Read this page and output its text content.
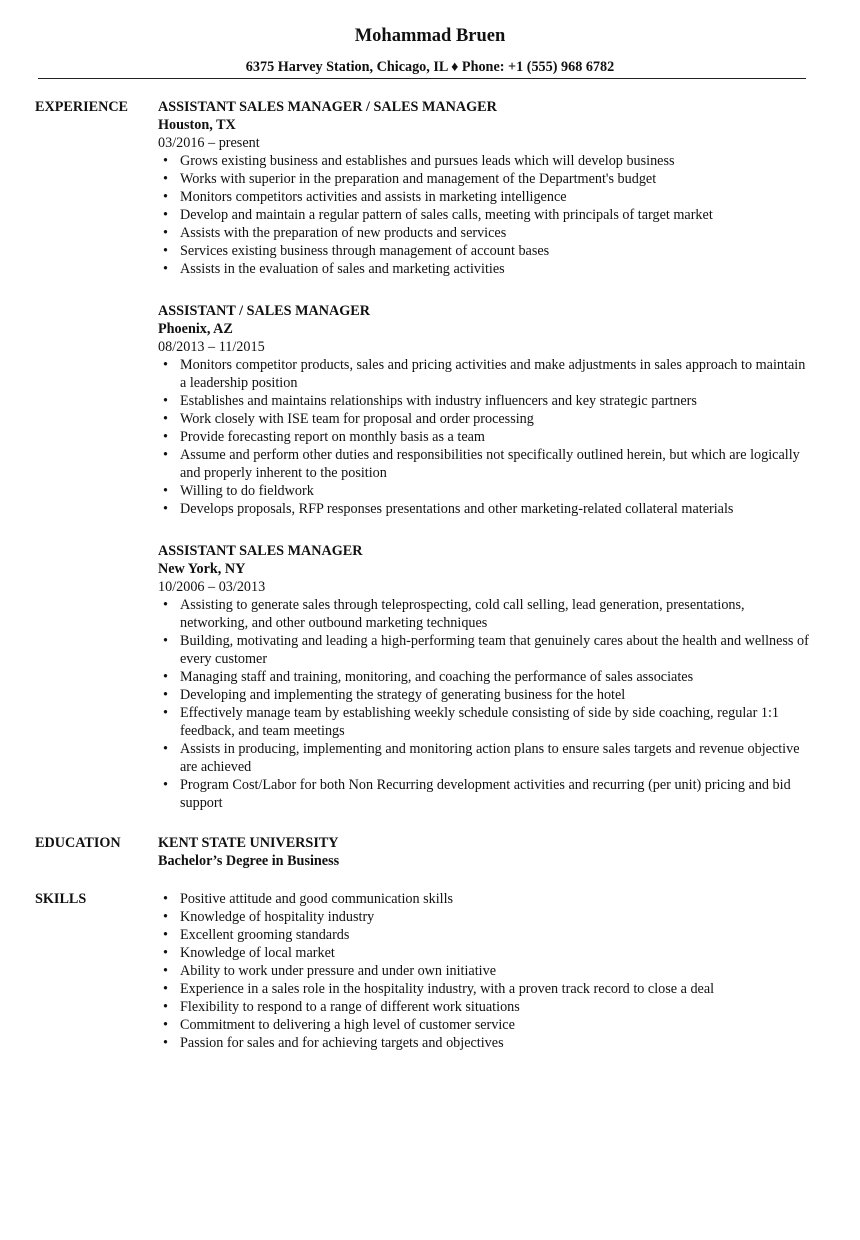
Mohammad Bruen
6375 Harvey Station, Chicago, IL ♦ Phone: +1 (555) 968 6782
EXPERIENCE ASSISTANT SALES MANAGER / SALES MANAGER
Houston, TX
03/2016 – present
• Grows existing business and establishes and pursues leads which will develop business
• Works with superior in the preparation and management of the Department's budget
• Monitors competitors activities and assists in marketing intelligence
• Develop and maintain a regular pattern of sales calls, meeting with principals of target market
• Assists with the preparation of new products and services
• Services existing business through management of account bases
• Assists in the evaluation of sales and marketing activities
ASSISTANT / SALES MANAGER
Phoenix, AZ
08/2013 – 11/2015
• Monitors competitor products, sales and pricing activities and make adjustments in sales approach to maintain a leadership position
• Establishes and maintains relationships with industry influencers and key strategic partners
• Work closely with ISE team for proposal and order processing
• Provide forecasting report on monthly basis as a team
• Assume and perform other duties and responsibilities not specifically outlined herein, but which are logically and properly inherent to the position
• Willing to do fieldwork
• Develops proposals, RFP responses presentations and other marketing-related collateral materials
ASSISTANT SALES MANAGER
New York, NY
10/2006 – 03/2013
• Assisting to generate sales through teleprospecting, cold call selling, lead generation, presentations, networking, and other outbound marketing techniques
• Building, motivating and leading a high-performing team that genuinely cares about the health and wellness of every customer
• Managing staff and training, monitoring, and coaching the performance of sales associates
• Developing and implementing the strategy of generating business for the hotel
• Effectively manage team by establishing weekly schedule consisting of side by side coaching, regular 1:1 feedback, and team meetings
• Assists in producing, implementing and monitoring action plans to ensure sales targets and revenue objective are achieved
• Program Cost/Labor for both Non Recurring development activities and recurring (per unit) pricing and bid support
EDUCATION	KENT STATE UNIVERSITY
Bachelor’s Degree in Business
SKILLS
•	Positive attitude and good communication skills
• Knowledge of hospitality industry
• Excellent grooming standards
• Knowledge of local market
• Ability to work under pressure and under own initiative
• Experience in a sales role in the hospitality industry, with a proven track record to close a deal
• Flexibility to respond to a range of different work situations
• Commitment to delivering a high level of customer service
• Passion for sales and for achieving targets and objectives
